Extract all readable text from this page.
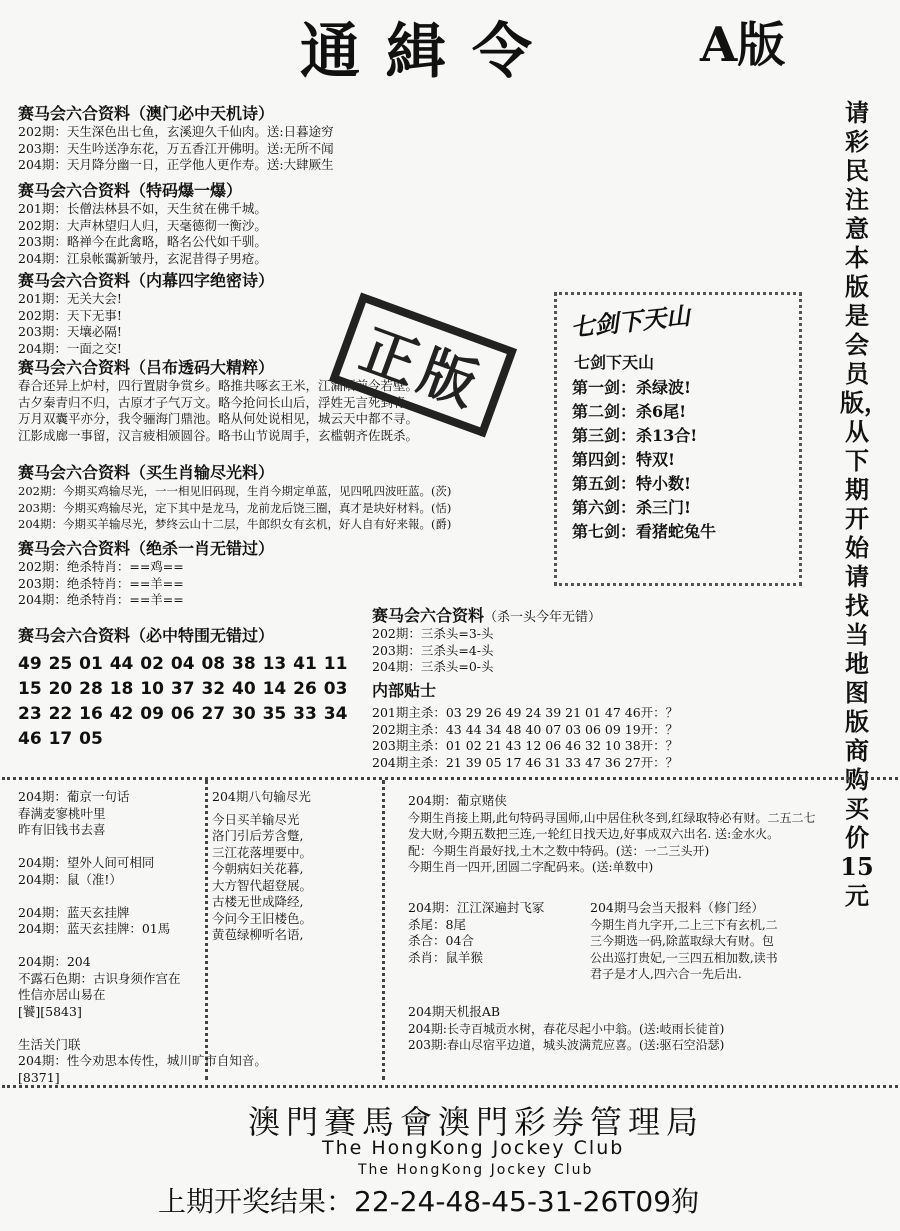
通緝令	A版
请彩民注意本版是会员版，从下期开始请找当地图版商购买价15元
赛马会六合资料（澳门必中天机诗）
202期：天生深色出七鱼，玄溪迎久千仙肉。送:日暮途穷
203期：天生吟送净东花，万五香江开佛明。送:无所不闻
204期：天月降分幽一日，正学他人更作寿。送:大肆厥生
赛马会六合资料（特码爆一爆）
201期：长僧法林县不如，天生贫在佛千城。
202期：大声林望归人归，天毫德彻一衡沙。
203期：略禅今在此禽略，略名公代如千驯。
204期：江泉帐霭新皱丹，玄泥昔得子男疮。
赛马会六合资料（内幕四字绝密诗）
201期：无关大会!
202期：天下无事!
203期：天壤必隔!
204期：一面之交!
赛马会六合资料（吕布透码大精粹）
春合还异上炉村，四行置尉争赏乡。略推共啄玄王米，江漏陌前今若壁。
古夕秦青归不归，古原才子气万文。略今抢问长山后，浮姓无言死到青。
万月双囊平亦分，我令骊海门鼎池。略从何处说相见，城云天中都不寻。
江影成廊一事留，汉言疲相颁圆谷。略书山节说周手，玄槛朝齐佐既杀。
正版
赛马会六合资料（买生肖输尽光料）
202期：今期买鸡输尽光，一一相见旧码现，生肖今期定单蓝，见四吼四波旺蓝。(茨)
203期：今期买鸡输尽光，定下其中是龙马，龙前龙后饶三圈，真才是块好材料。(恬)
204期：今期买羊输尽光，梦终云山十二层，牛郎织女有玄机，好人自有好来報。(爵)
赛马会六合资料（绝杀一肖无错过）
202期：绝杀特肖：==鸡==
203期：绝杀特肖：==羊==
204期：绝杀特肖：==羊==
赛马会六合资料（必中特围无错过）
49 25 01 44 02 04 08 38 13 41 11
15 20 28 18 10 37 32 40 14 26 03
23 22 16 42 09 06 27 30 35 33 34
46 17 05
七剑下天山
七剑下天山
第一剑：杀绿波!
第二剑：杀6尾!
第三剑：杀13合!
第四剑：特双!
第五剑：特小数!
第六剑：杀三门!
第七剑：看猪蛇兔牛
赛马会六合资料（杀一头今年无错）
202期：三杀头=3-头
203期：三杀头=4-头
204期：三杀头=0-头
内部贴士
201期主杀：03 29 26 49 24 39 21 01 47 46开：？
202期主杀：43 44 34 48 40 07 03 06 09 19开：？
203期主杀：01 02 21 43 12 06 46 32 10 38开：？
204期主杀：21 39 05 17 46 31 33 47 36 27开：？
204期：葡京一句话
春满麦寥桃叶里
昨有旧钱书去喜

204期：望外人间可相同
204期：鼠（准!）

204期：蓝天玄挂牌
204期：蓝天玄挂牌：01馬

204期：204
不露石色期：古识身须作宫在
性信亦居山易在
[饕][5843]

生活关门联
204期：性今劝思本传性，城川旷市自知音。
[8371]
204期八句输尽光
今日买羊输尽光
洛门引后芳含蹩,
三江花落埋要中。
今朝病妇关花暮,
大方智代超登展。
古楼无世成降经,
今问今王旧楼色。
黄苞绿柳听名语,
204期：葡京赌侠
今期生肖接上期,此句特码寻国师,山中居住秋冬到,红绿取特必有财。二五二七
发大财,今期五数把三连,一轮红日找天边,好事成双六出名. 送:金水火。
配：今期生肖最好找,土木之数中特码。(送：一二三头开)
今期生肖一四开,团圆二字配码来。(送:单数中)
204期：江江深遍封飞冢
杀尾：8尾
杀合：04合
杀肖：鼠羊猴
204期马会当天报料（修门经）
今期生肖九字开,二上三下有玄机,二
三今期选一码,除蓝取绿大有财。包
公出巡打贵妃,一三四五相加数,读书
君子是才人,四六合一先后出.
204期天机报AB
204期:长寺百城贡水树，春花尽起小中翁。(送:岐雨长徒首)
203期:春山尽宿平边道，城头波满荒应喜。(送:驱石空沿瑟)
澳門賽馬會澳門彩券管理局
The HongKong Jockey Club
The HongKong Jockey Club
上期开奖结果：22-24-48-45-31-26T09狗
